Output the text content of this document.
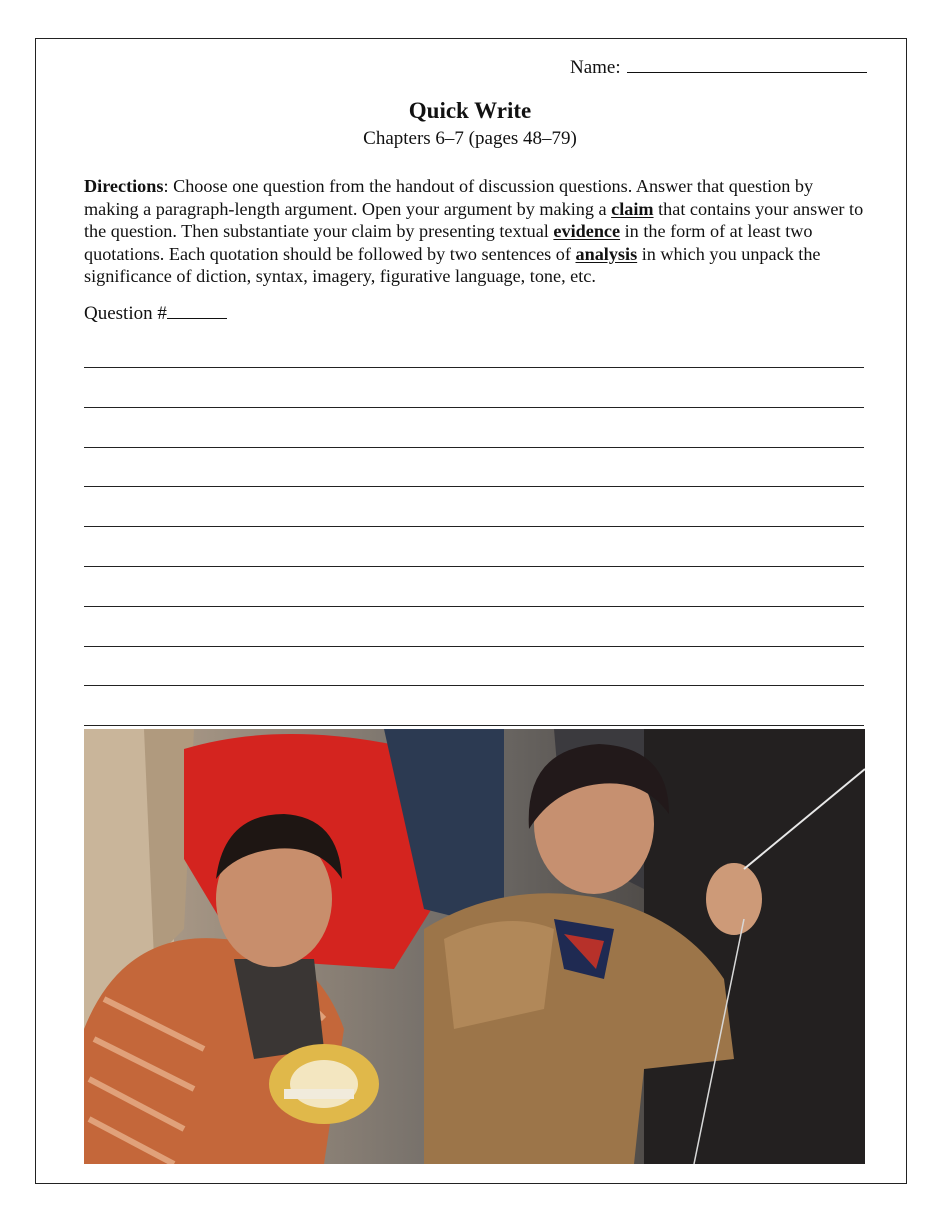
Name:
Quick Write
Chapters 6–7 (pages 48–79)
Directions: Choose one question from the handout of discussion questions. Answer that question by making a paragraph-length argument. Open your argument by making a claim that contains your answer to the question. Then substantiate your claim by presenting textual evidence in the form of at least two quotations. Each quotation should be followed by two sentences of analysis in which you unpack the significance of diction, syntax, imagery, figurative language, tone, etc.
Question #
